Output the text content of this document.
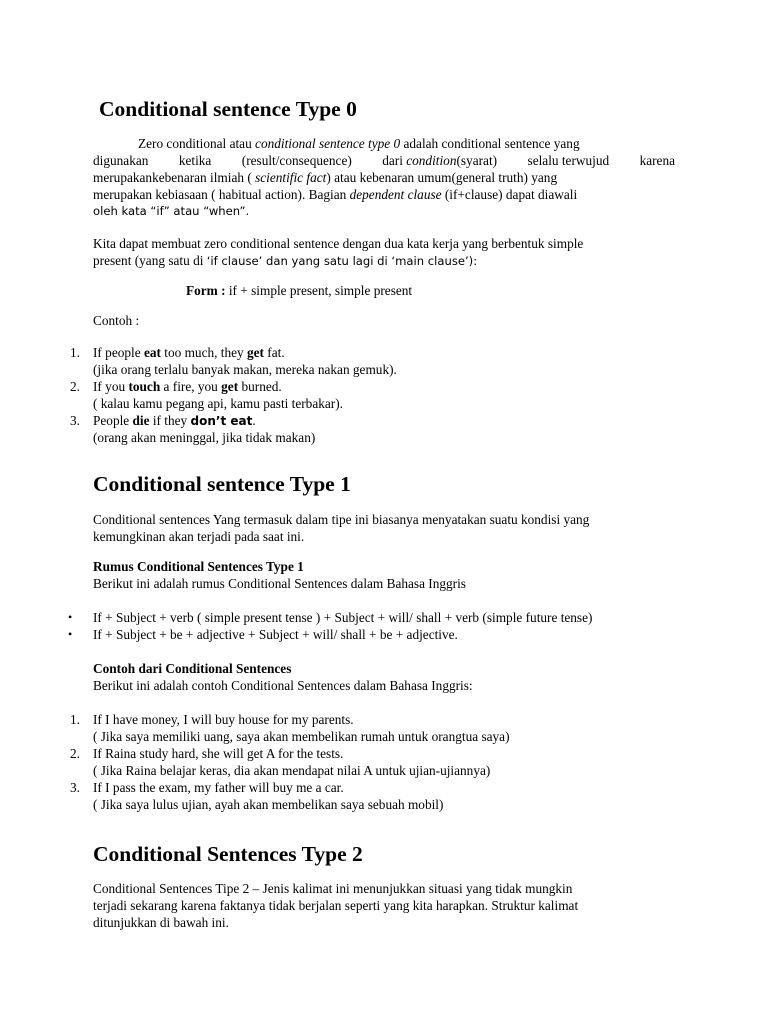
Conditional sentence Type 0
Zero conditional atau conditional sentence type 0 adalah conditional sentence yang
digunakan ketika (result/consequence) dari condition(syarat) selalu terwujud karena
merupakankebenaran ilmiah ( scientific fact) atau kebenaran umum(general truth) yang
merupakan kebiasaan ( habitual action). Bagian dependent clause (if+clause) dapat diawali
oleh kata “if” atau “when”.
Kita dapat membuat zero conditional sentence dengan dua kata kerja yang berbentuk simple
present (yang satu di ‘if clause’ dan yang satu lagi di ‘main clause’):
Form : if + simple present, simple present
Contoh :
1. If people eat too much, they get fat.
(jika orang terlalu banyak makan, mereka nakan gemuk).
2. If you touch a fire, you get burned.
( kalau kamu pegang api, kamu pasti terbakar).
3. People die if they don’t eat.
(orang akan meninggal, jika tidak makan)
Conditional sentence Type 1
Conditional sentences Yang termasuk dalam tipe ini biasanya menyatakan suatu kondisi yang
kemungkinan akan terjadi pada saat ini.
Rumus Conditional Sentences Type 1
Berikut ini adalah rumus Conditional Sentences dalam Bahasa Inggris
• If + Subject + verb ( simple present tense ) + Subject + will/ shall + verb (simple future tense)
• If + Subject + be + adjective + Subject + will/ shall + be + adjective.
Contoh dari Conditional Sentences
Berikut ini adalah contoh Conditional Sentences dalam Bahasa Inggris:
1. If I have money, I will buy house for my parents.
( Jika saya memiliki uang, saya akan membelikan rumah untuk orangtua saya)
2. If Raina study hard, she will get A for the tests.
( Jika Raina belajar keras, dia akan mendapat nilai A untuk ujian-ujiannya)
3. If I pass the exam, my father will buy me a car.
( Jika saya lulus ujian, ayah akan membelikan saya sebuah mobil)
Conditional Sentences Type 2
Conditional Sentences Tipe 2 – Jenis kalimat ini menunjukkan situasi yang tidak mungkin
terjadi sekarang karena faktanya tidak berjalan seperti yang kita harapkan. Struktur kalimat
ditunjukkan di bawah ini.
